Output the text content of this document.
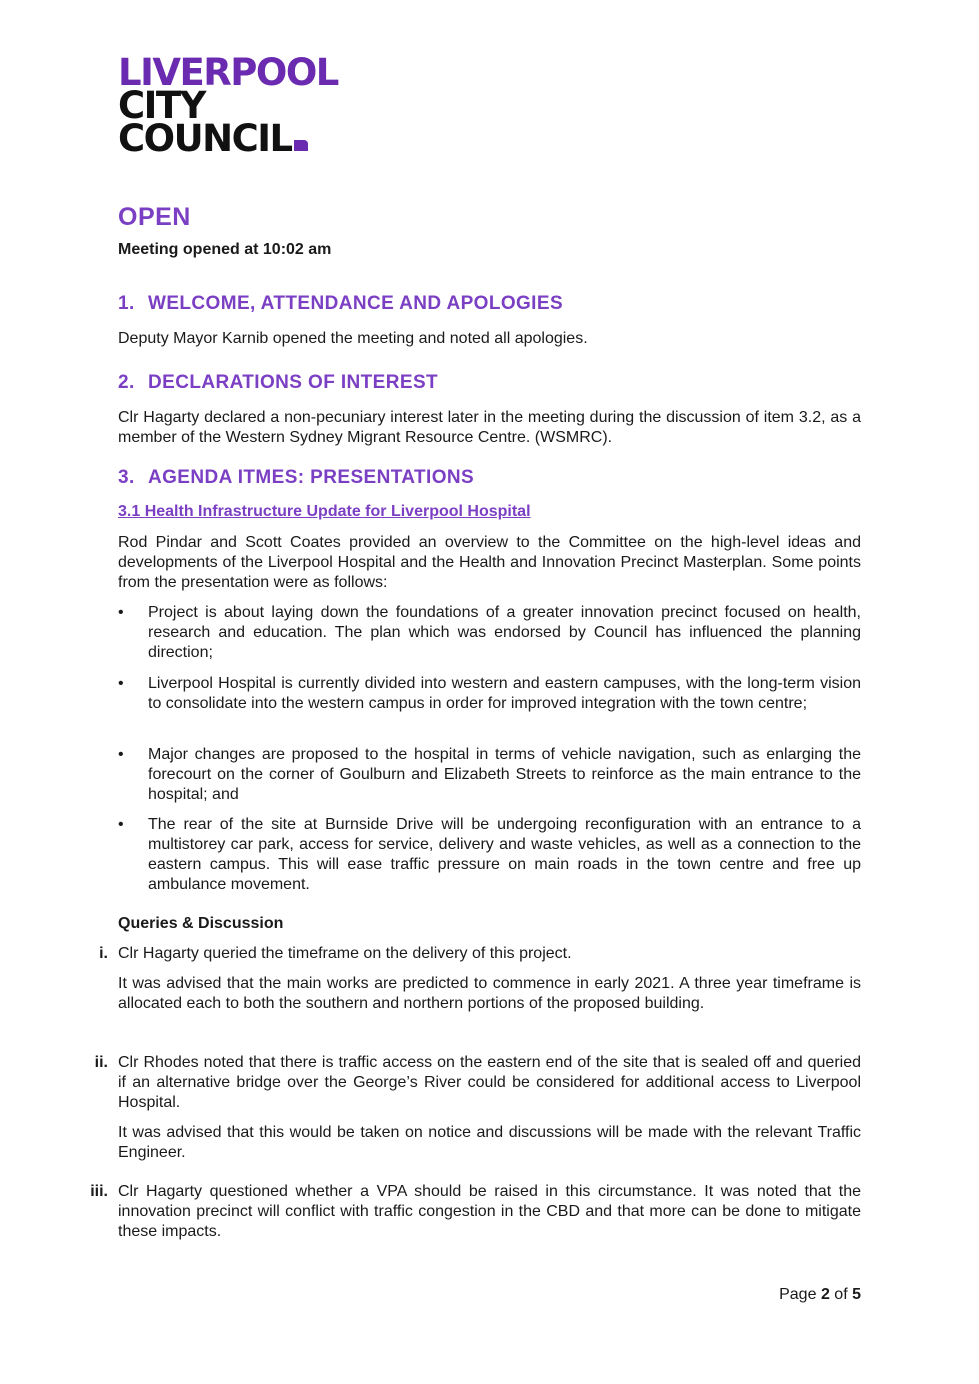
LIVERPOOL
CITY
COUNCIL
OPEN
Meeting opened at 10:02 am
1. WELCOME, ATTENDANCE AND APOLOGIES
Deputy Mayor Karnib opened the meeting and noted all apologies.
2. DECLARATIONS OF INTEREST
Clr Hagarty declared a non-pecuniary interest later in the meeting during the discussion of item 3.2, as a member of the Western Sydney Migrant Resource Centre. (WSMRC).
3. AGENDA ITMES: PRESENTATIONS
3.1 Health Infrastructure Update for Liverpool Hospital
Rod Pindar and Scott Coates provided an overview to the Committee on the high-level ideas and developments of the Liverpool Hospital and the Health and Innovation Precinct Masterplan. Some points from the presentation were as follows:
•	Project is about laying down the foundations of a greater innovation precinct focused on health, research and education. The plan which was endorsed by Council has influenced the planning direction;
•	Liverpool Hospital is currently divided into western and eastern campuses, with the long-term vision to consolidate into the western campus in order for improved integration with the town centre;
•	Major changes are proposed to the hospital in terms of vehicle navigation, such as enlarging the forecourt on the corner of Goulburn and Elizabeth Streets to reinforce as the main entrance to the hospital; and
•	The rear of the site at Burnside Drive will be undergoing reconfiguration with an entrance to a multistorey car park, access for service, delivery and waste vehicles, as well as a connection to the eastern campus. This will ease traffic pressure on main roads in the town centre and free up ambulance movement.
Queries & Discussion
i. Clr Hagarty queried the timeframe on the delivery of this project.
It was advised that the main works are predicted to commence in early 2021. A three year timeframe is allocated each to both the southern and northern portions of the proposed building.
ii. Clr Rhodes noted that there is traffic access on the eastern end of the site that is sealed off and queried if an alternative bridge over the George’s River could be considered for additional access to Liverpool Hospital.
It was advised that this would be taken on notice and discussions will be made with the relevant Traffic Engineer.
iii. Clr Hagarty questioned whether a VPA should be raised in this circumstance. It was noted that the innovation precinct will conflict with traffic congestion in the CBD and that more can be done to mitigate these impacts.
Page 2 of 5
